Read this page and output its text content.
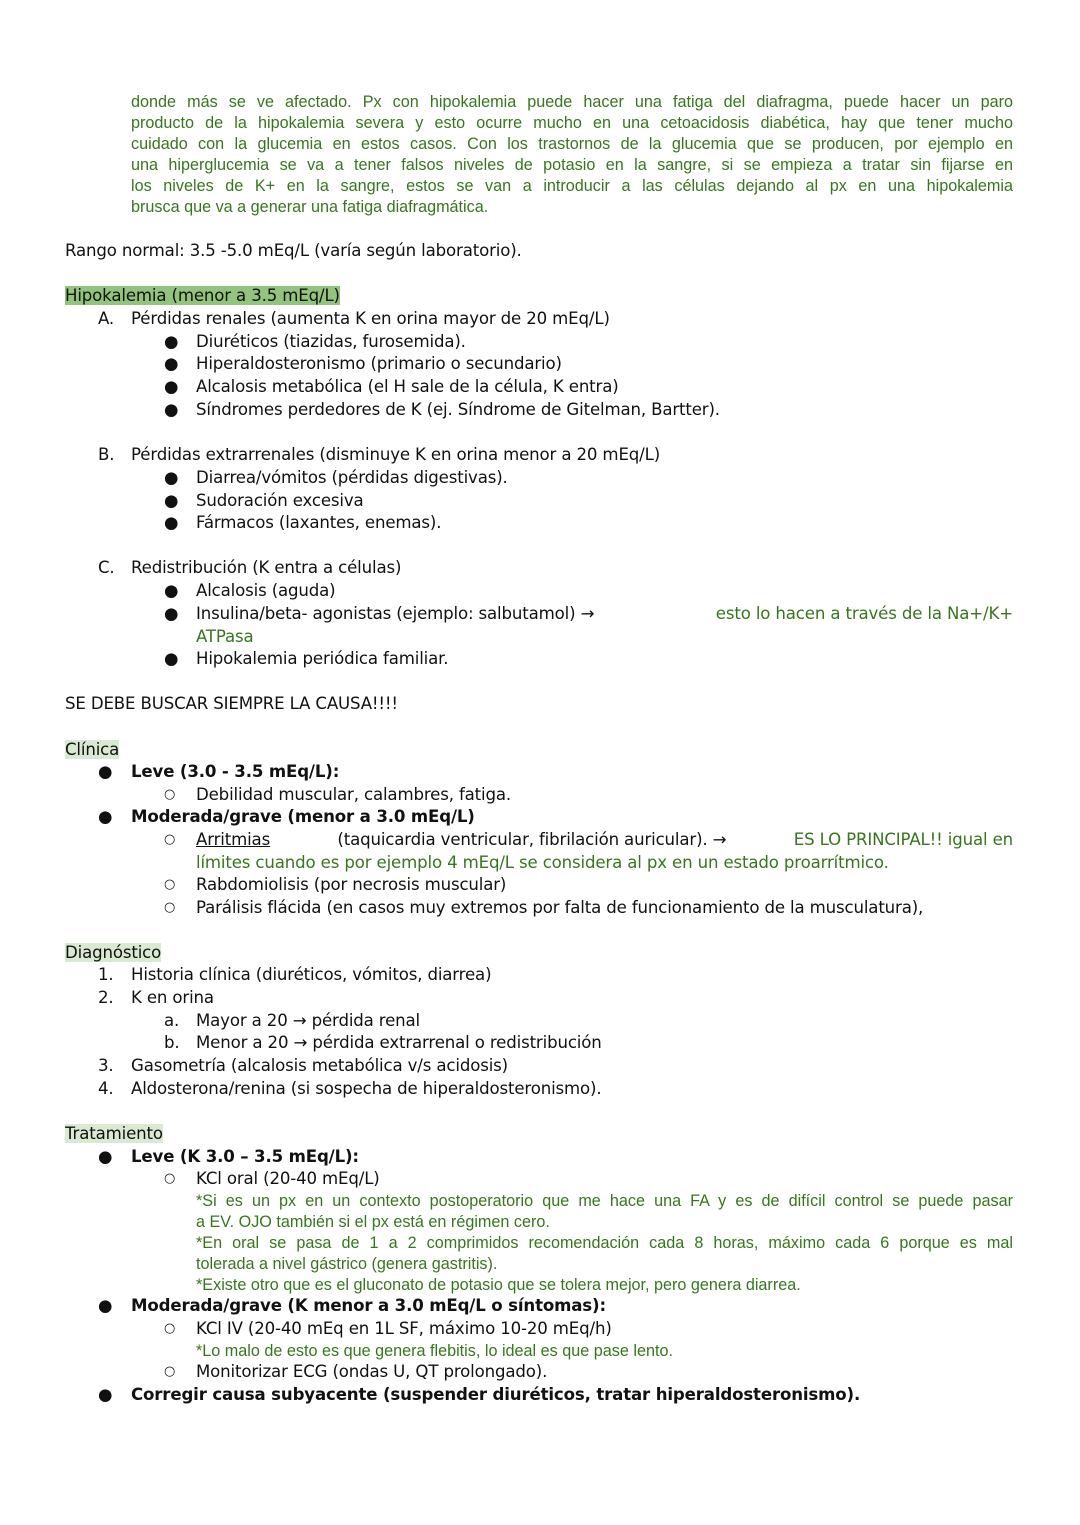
donde más se ve afectado. Px con hipokalemia puede hacer una fatiga del diafragma, puede hacer un paro
producto de la hipokalemia severa y esto ocurre mucho en una cetoacidosis diabética, hay que tener mucho
cuidado con la glucemia en estos casos. Con los trastornos de la glucemia que se producen, por ejemplo en
una hiperglucemia se va a tener falsos niveles de potasio en la sangre, si se empieza a tratar sin fijarse en
los niveles de K+ en la sangre, estos se van a introducir a las células dejando al px en una hipokalemia
brusca que va a generar una fatiga diafragmática.
Rango normal: 3.5 -5.0 mEq/L (varía según laboratorio).
Hipokalemia (menor a 3.5 mEq/L)
A. Pérdidas renales (aumenta K en orina mayor de 20 mEq/L)
● Diuréticos (tiazidas, furosemida).
● Hiperaldosteronismo (primario o secundario)
● Alcalosis metabólica (el H sale de la célula, K entra)
● Síndromes perdedores de K (ej. Síndrome de Gitelman, Bartter).
B. Pérdidas extrarrenales (disminuye K en orina menor a 20 mEq/L)
● Diarrea/vómitos (pérdidas digestivas).
● Sudoración excesiva
● Fármacos (laxantes, enemas).
C. Redistribución (K entra a células)
● Alcalosis (aguda)
● Insulina/beta- agonistas (ejemplo: salbutamol) →	esto lo hacen a través de la Na+/K+
ATPasa
● Hipokalemia periódica familiar.
SE DEBE BUSCAR SIEMPRE LA CAUSA!!!!
Clínica
● Leve (3.0 - 3.5 mEq/L):
○ Debilidad muscular, calambres, fatiga.
● Moderada/grave (menor a 3.0 mEq/L)
○ Arritmias	(taquicardia ventricular, fibrilación auricular). →	ES LO PRINCIPAL!! igual en
límites cuando es por ejemplo 4 mEq/L se considera al px en un estado proarrítmico.
○ Rabdomiolisis (por necrosis muscular)
○ Parálisis flácida (en casos muy extremos por falta de funcionamiento de la musculatura),
Diagnóstico
1. Historia clínica (diuréticos, vómitos, diarrea)
2. K en orina
a. Mayor a 20 → pérdida renal
b. Menor a 20 → pérdida extrarrenal o redistribución
3. Gasometría (alcalosis metabólica v/s acidosis)
4. Aldosterona/renina (si sospecha de hiperaldosteronismo).
Tratamiento
● Leve (K 3.0 – 3.5 mEq/L):
○ KCl oral (20-40 mEq/L)
*Si es un px en un contexto postoperatorio que me hace una FA y es de difícil control se puede pasar
a EV. OJO también si el px está en régimen cero.
*En oral se pasa de 1 a 2 comprimidos recomendación cada 8 horas, máximo cada 6 porque es mal
tolerada a nivel gástrico (genera gastritis).
*Existe otro que es el gluconato de potasio que se tolera mejor, pero genera diarrea.
● Moderada/grave (K menor a 3.0 mEq/L o síntomas):
○ KCl IV (20-40 mEq en 1L SF, máximo 10-20 mEq/h)
*Lo malo de esto es que genera flebitis, lo ideal es que pase lento.
○ Monitorizar ECG (ondas U, QT prolongado).
● Corregir causa subyacente (suspender diuréticos, tratar hiperaldosteronismo).
